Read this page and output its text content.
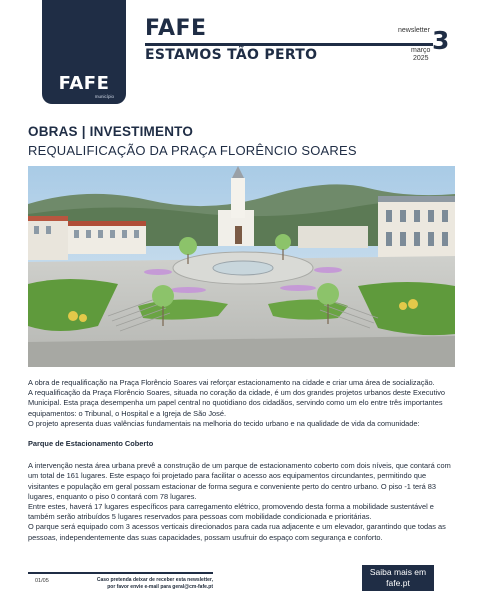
FAFE
município
FAFE
ESTAMOS TÃO PERTO
newsletter 3
março
2025
OBRAS | INVESTIMENTO
REQUALIFICAÇÃO DA PRAÇA FLORÊNCIO SOARES

A obra de requalificação na Praça Florêncio Soares vai reforçar estacionamento na cidade e criar uma área de socialização.

A requalificação da Praça Florêncio Soares, situada no coração da cidade, é um dos grandes projetos urbanos deste Executivo Municipal. Esta praça desempenha um papel central no quotidiano dos cidadãos, servindo como um elo entre três importantes equipamentos: o Tribunal, o Hospital e a Igreja de São José.

O projeto apresenta duas valências fundamentais na melhoria do tecido urbano e na qualidade de vida da comunidade:

Parque de Estacionamento Coberto

A intervenção nesta área urbana prevê a construção de um parque de estacionamento coberto com dois níveis, que contará com um total de 161 lugares. Este espaço foi projetado para facilitar o acesso aos equipamentos circundantes, permitindo que visitantes e população em geral possam estacionar de forma segura e conveniente perto do centro urbano. O piso -1 terá 83 lugares, enquanto o piso 0 contará com 78 lugares.

Entre estes, haverá 17 lugares específicos para carregamento elétrico, promovendo desta forma a mobilidade sustentável e também serão atribuídos 5 lugares reservados para pessoas com mobilidade condicionada e prioritárias.

O parque será equipado com 3 acessos verticais direcionados para cada rua adjacente e um elevador, garantindo que todas as pessoas, independentemente das suas capacidades, possam usufruir do espaço com segurança e conforto.

01/05	Caso pretenda deixar de receber esta newsletter,
por favor envie e-mail para geral@cm-fafe.pt
Saiba mais em
fafe.pt
